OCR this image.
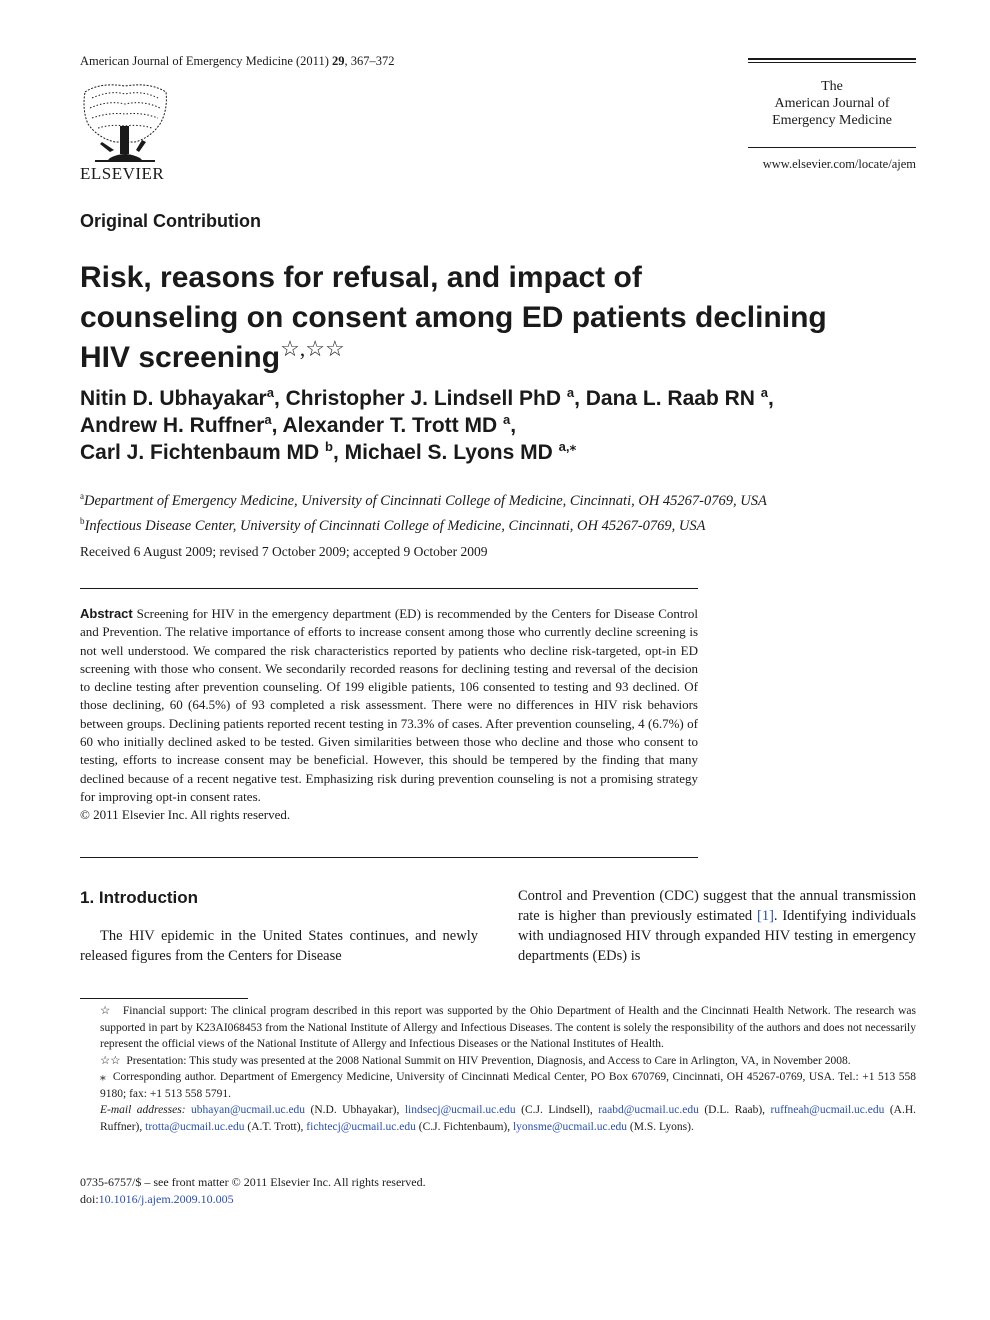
American Journal of Emergency Medicine (2011) 29, 367–372
ELSEVIER
The
American Journal of
Emergency Medicine
www.elsevier.com/locate/ajem
Original Contribution
Risk, reasons for refusal, and impact of
counseling on consent among ED patients declining
HIV screening☆,☆☆
Nitin D. Ubhayakar$^a$, Christopher J. Lindsell PhD $^a$, Dana L. Raab RN $^a$,
Andrew H. Ruffner$^a$, Alexander T. Trott MD $^a$,
Carl J. Fichtenbaum MD $^b$, Michael S. Lyons MD $^{a,⁎}$
$^a$Department of Emergency Medicine, University of Cincinnati College of Medicine, Cincinnati, OH 45267-0769, USA
$^b$Infectious Disease Center, University of Cincinnati College of Medicine, Cincinnati, OH 45267-0769, USA
Received 6 August 2009; revised 7 October 2009; accepted 9 October 2009
Abstract Screening for HIV in the emergency department (ED) is recommended by the Centers for Disease Control and Prevention. The relative importance of efforts to increase consent among those who currently decline screening is not well understood. We compared the risk characteristics reported by patients who decline risk-targeted, opt-in ED screening with those who consent. We secondarily recorded reasons for declining testing and reversal of the decision to decline testing after prevention counseling. Of 199 eligible patients, 106 consented to testing and 93 declined. Of those declining, 60 (64.5%) of 93 completed a risk assessment. There were no differences in HIV risk behaviors between groups. Declining patients reported recent testing in 73.3% of cases. After prevention counseling, 4 (6.7%) of 60 who initially declined asked to be tested. Given similarities between those who decline and those who consent to testing, efforts to increase consent may be beneficial. However, this should be tempered by the finding that many declined because of a recent negative test. Emphasizing risk during prevention counseling is not a promising strategy for improving opt-in consent rates.
© 2011 Elsevier Inc. All rights reserved.
1. Introduction
The HIV epidemic in the United States continues, and newly released figures from the Centers for Disease
Control and Prevention (CDC) suggest that the annual transmission rate is higher than previously estimated [1]. Identifying individuals with undiagnosed HIV through expanded HIV testing in emergency departments (EDs) is

☆ Financial support: The clinical program described in this report was supported by the Ohio Department of Health and the Cincinnati Health Network. The research was supported in part by K23AI068453 from the National Institute of Allergy and Infectious Diseases. The content is solely the responsibility of the authors and does not necessarily represent the official views of the National Institute of Allergy and Infectious Diseases or the National Institutes of Health.

☆☆ Presentation: This study was presented at the 2008 National Summit on HIV Prevention, Diagnosis, and Access to Care in Arlington, VA, in November 2008.

⁎ Corresponding author. Department of Emergency Medicine, University of Cincinnati Medical Center, PO Box 670769, Cincinnati, OH 45267-0769, USA. Tel.: +1 513 558 9180; fax: +1 513 558 5791.

E-mail addresses: ubhayan@ucmail.uc.edu (N.D. Ubhayakar), lindsecj@ucmail.uc.edu (C.J. Lindsell), raabd@ucmail.uc.edu (D.L. Raab), ruffneah@ucmail.uc.edu (A.H. Ruffner), trotta@ucmail.uc.edu (A.T. Trott), fichtecj@ucmail.uc.edu (C.J. Fichtenbaum), lyonsme@ucmail.uc.edu (M.S. Lyons).

0735-6757/$ – see front matter © 2011 Elsevier Inc. All rights reserved.
doi:10.1016/j.ajem.2009.10.005
